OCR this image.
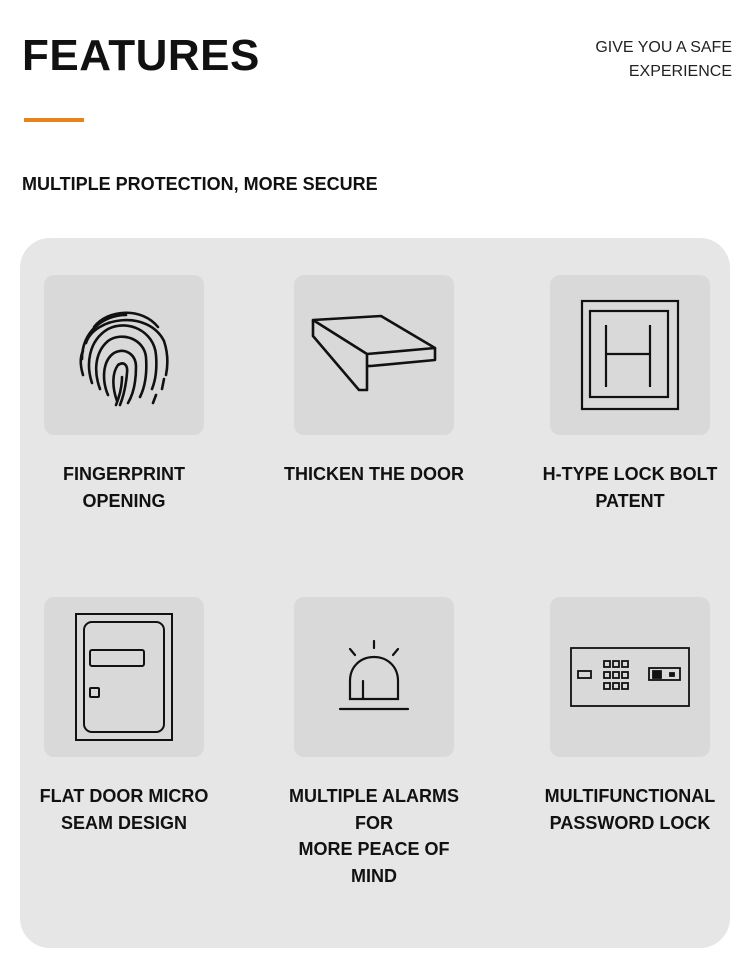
FEATURES	GIVE YOU A SAFE
EXPERIENCE
MULTIPLE PROTECTION, MORE SECURE
FINGERPRINT
OPENING
THICKEN THE DOOR	H-TYPE LOCK BOLT
PATENT
FLAT DOOR MICRO
SEAM DESIGN
MULTIPLE ALARMS FOR
MORE PEACE OF MIND
MULTIFUNCTIONAL
PASSWORD LOCK
